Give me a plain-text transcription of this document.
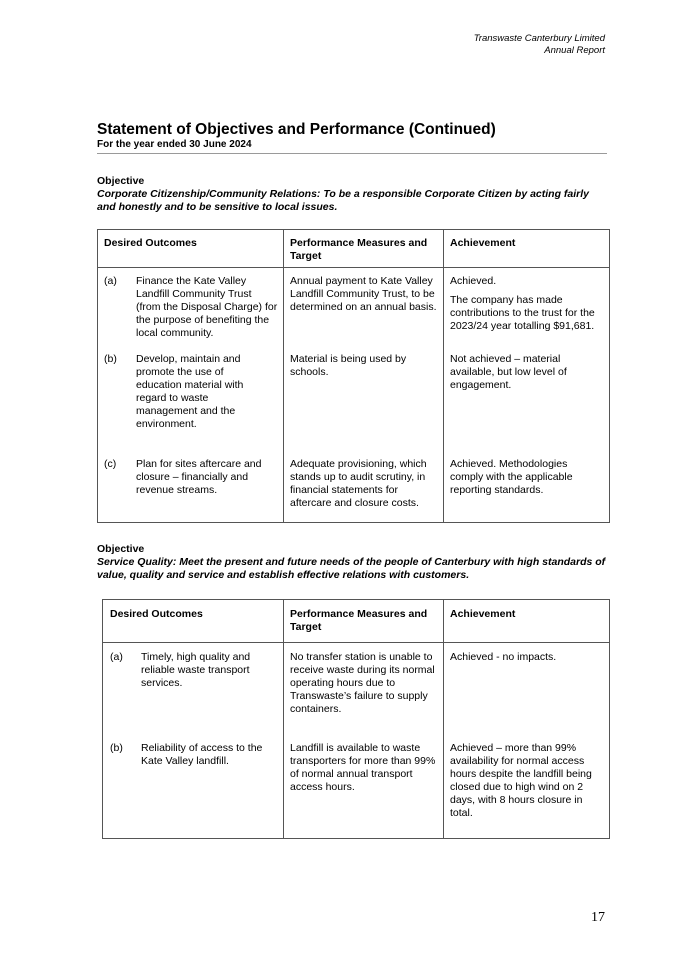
Transwaste Canterbury Limited
Annual Report
Statement of Objectives and Performance (Continued)
For the year ended 30 June 2024
Objective
Corporate Citizenship/Community Relations: To be a responsible Corporate Citizen by acting fairly and honestly and to be sensitive to local issues.
Desired Outcomes	Performance Measures and Target
Achievement
(a) Finance the Kate Valley Landfill Community Trust (from the Disposal Charge) for the purpose of benefiting the local community.
Annual payment to Kate Valley Landfill Community Trust, to be determined on an annual basis.
Achieved.
The company has made contributions to the trust for the 2023/24 year totalling $91,681.
(b) Develop, maintain and promote the use of education material with regard to waste management and the environment.
Material is being used by schools.
Not achieved – material available, but low level of engagement.
(c) Plan for sites aftercare and closure – financially and revenue streams.
Adequate provisioning, which stands up to audit scrutiny, in financial statements for aftercare and closure costs.
Achieved. Methodologies comply with the applicable reporting standards.
Objective
Service Quality: Meet the present and future needs of the people of Canterbury with high standards of value, quality and service and establish effective relations with customers.
Desired Outcomes	Performance Measures and Target
Achievement
(a) Timely, high quality and reliable waste transport services.
No transfer station is unable to receive waste during its normal operating hours due to Transwaste’s failure to supply containers.
Achieved - no impacts.
(b) Reliability of access to the Kate Valley landfill.
Landfill is available to waste transporters for more than 99% of normal annual transport access hours.
Achieved – more than 99% availability for normal access hours despite the landfill being closed due to high wind on 2 days, with 8 hours closure in total.
17
